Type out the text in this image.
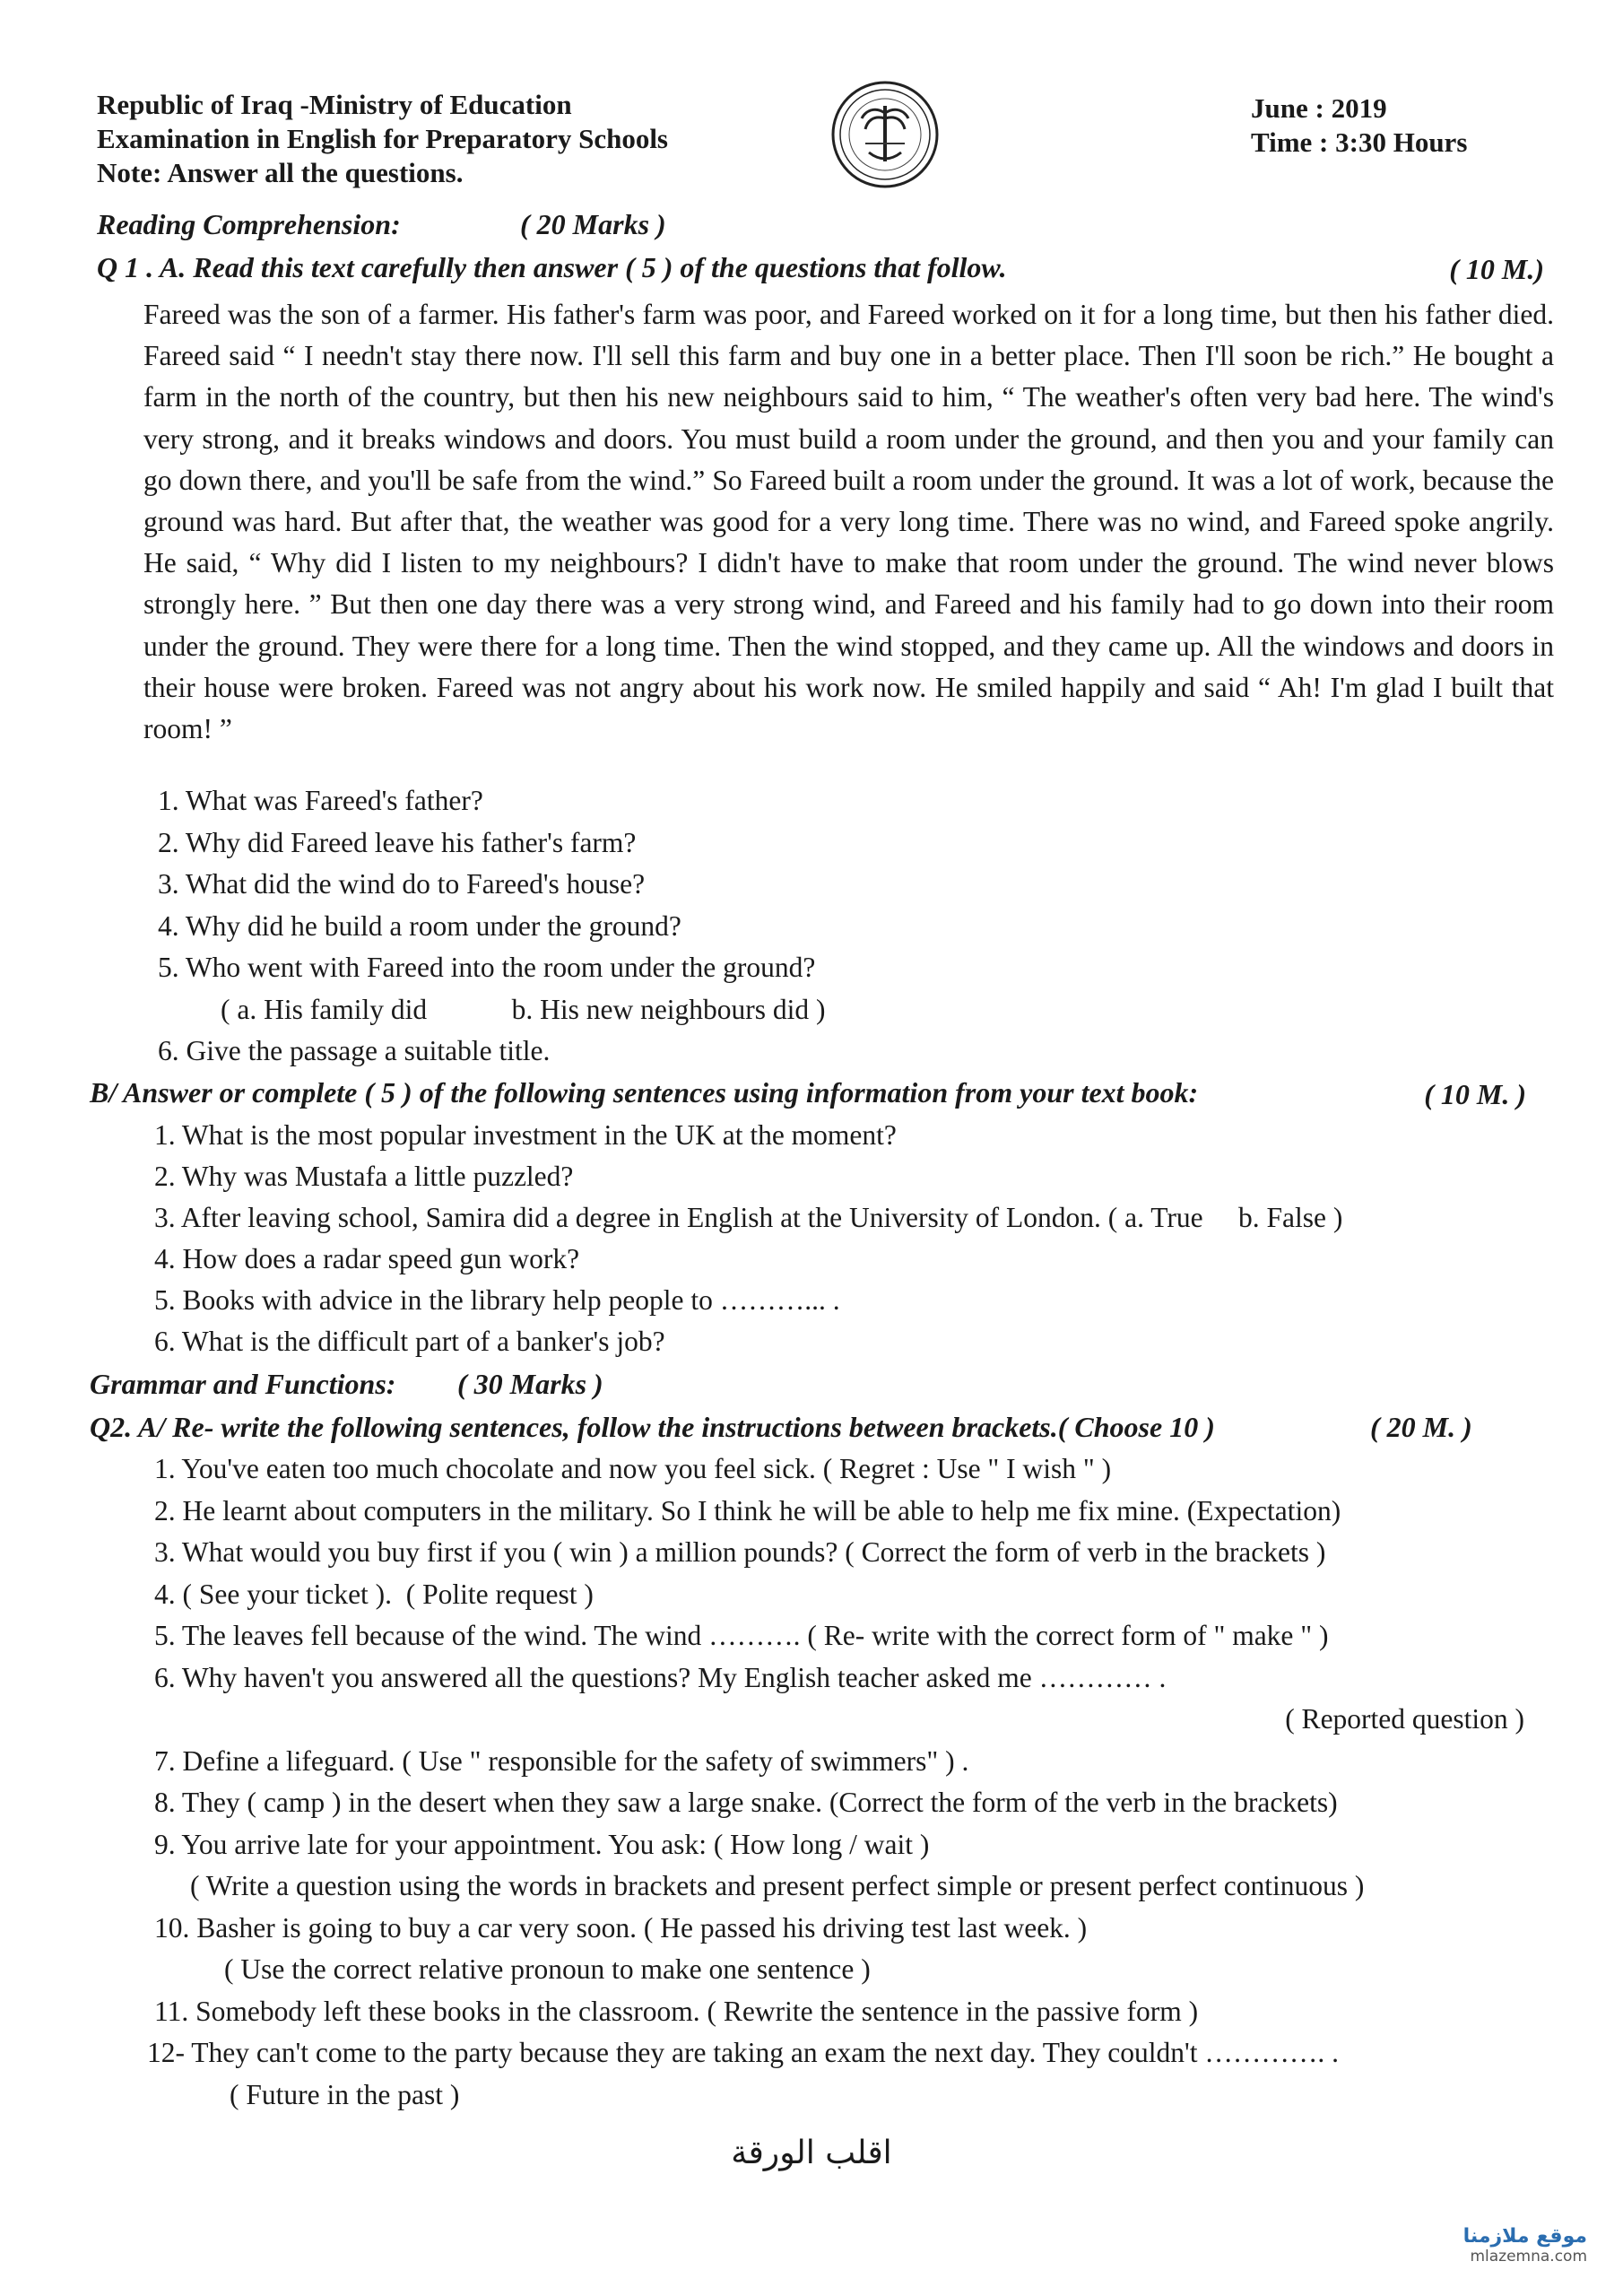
Republic of Iraq -Ministry of Education
Examination in English for Preparatory Schools
Note: Answer all the questions.
June : 2019
Time : 3:30 Hours
Reading Comprehension:	( 20 Marks )
Q 1 . A. Read this text carefully then answer ( 5 ) of the questions that follow.	( 10 M.)
Fareed was the son of a farmer. His father's farm was poor, and Fareed worked on it for a long time, but then his father died. Fareed said “ I needn't stay there now. I'll sell this farm and buy one in a better place. Then I'll soon be rich.” He bought a farm in the north of the country, but then his new neighbours said to him, “ The weather's often very bad here. The wind's very strong, and it breaks windows and doors. You must build a room under the ground, and then you and your family can go down there, and you'll be safe from the wind.” So Fareed built a room under the ground. It was a lot of work, because the ground was hard. But after that, the weather was good for a very long time. There was no wind, and Fareed spoke angrily. He said, “ Why did I listen to my neighbours? I didn't have to make that room under the ground. The wind never blows strongly here. ” But then one day there was a very strong wind, and Fareed and his family had to go down into their room under the ground. They were there for a long time. Then the wind stopped, and they came up. All the windows and doors in their house were broken. Fareed was not angry about his work now. He smiled happily and said “ Ah! I'm glad I built that room! ”
1. What was Fareed's father?
2. Why did Fareed leave his father's farm?
3. What did the wind do to Fareed's house?
4. Why did he build a room under the ground?
5. Who went with Fareed into the room under the ground?
( a. His family did            b. His new neighbours did )
6. Give the passage a suitable title.
B/ Answer or complete ( 5 ) of the following sentences using information from your text book:	( 10 M. )
1. What is the most popular investment in the UK at the moment?
2. Why was Mustafa a little puzzled?
3. After leaving school, Samira did a degree in English at the University of London. ( a. True     b. False )
4. How does a radar speed gun work?
5. Books with advice in the library help people to ………... .
6. What is the difficult part of a banker's job?
Grammar and Functions: ( 30 Marks )
Q2. A/ Re- write the following sentences, follow the instructions between brackets.( Choose 10 )	( 20 M. )
1. You've eaten too much chocolate and now you feel sick. ( Regret : Use " I wish " )
2. He learnt about computers in the military. So I think he will be able to help me fix mine. (Expectation)
3. What would you buy first if you ( win ) a million pounds? ( Correct the form of verb in the brackets )
4. ( See your ticket ).  ( Polite request )
5. The leaves fell because of the wind. The wind ………. ( Re- write with the correct form of " make " )
6. Why haven't you answered all the questions? My English teacher asked me ………… .
( Reported question )
7. Define a lifeguard. ( Use " responsible for the safety of swimmers" ) .
8. They ( camp ) in the desert when they saw a large snake. (Correct the form of the verb in the brackets)
9. You arrive late for your appointment. You ask: ( How long / wait )
( Write a question using the words in brackets and present perfect simple or present perfect continuous )
10. Basher is going to buy a car very soon. ( He passed his driving test last week. )
( Use the correct relative pronoun to make one sentence )
11. Somebody left these books in the classroom. ( Rewrite the sentence in the passive form )
12- They can't come to the party because they are taking an exam the next day. They couldn't …………. .
( Future in the past )
اقلب الورقة
موقع ملازمنا
mlazemna.com
